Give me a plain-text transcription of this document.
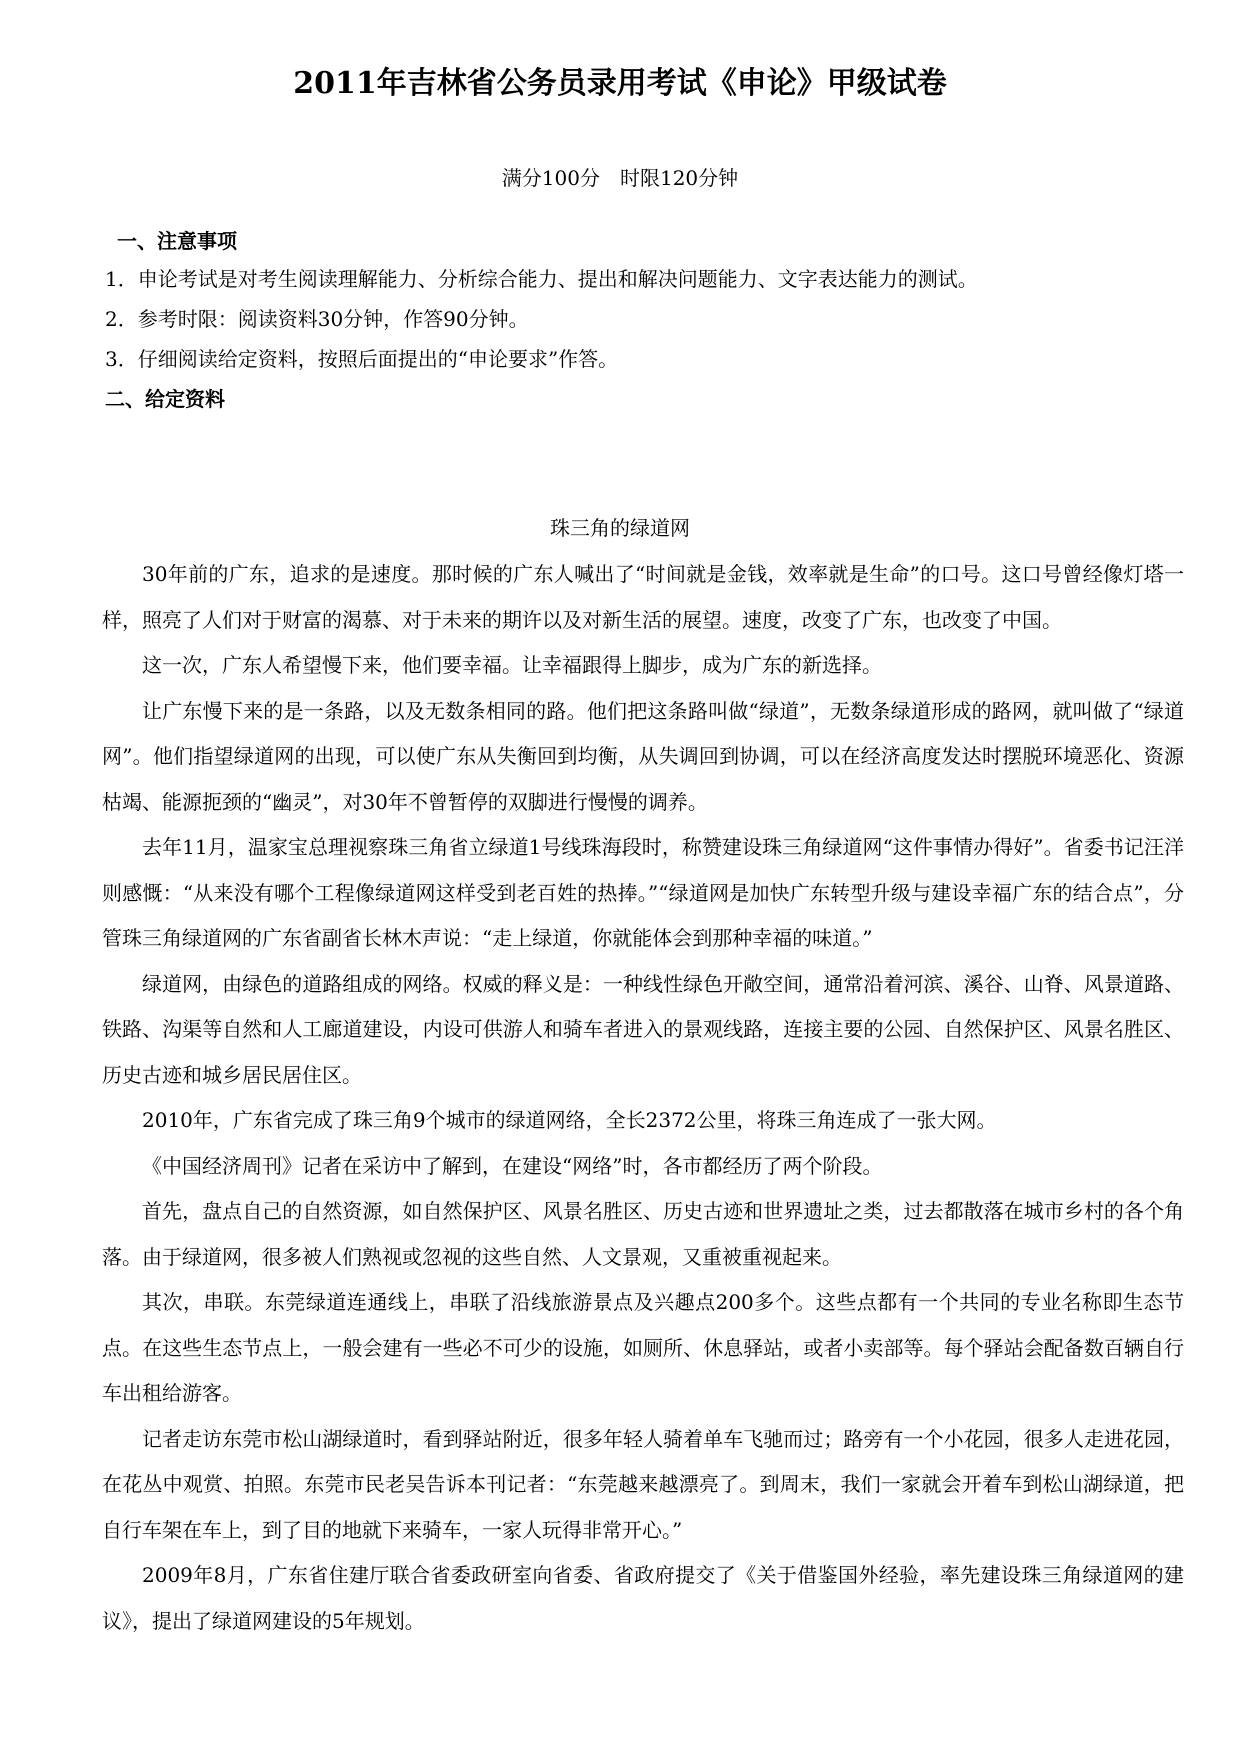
2011年吉林省公务员录用考试《申论》甲级试卷
满分100分　时限120分钟
一、注意事项
1．申论考试是对考生阅读理解能力、分析综合能力、提出和解决问题能力、文字表达能力的测试。
2．参考时限：阅读资料30分钟，作答90分钟。
3．仔细阅读给定资料，按照后面提出的“申论要求”作答。
二、给定资料
珠三角的绿道网

30年前的广东，追求的是速度。那时候的广东人喊出了“时间就是金钱，效率就是生命”的口号。这口号曾经像灯塔一样，照亮了人们对于财富的渴慕、对于未来的期许以及对新生活的展望。速度，改变了广东，也改变了中国。

这一次，广东人希望慢下来，他们要幸福。让幸福跟得上脚步，成为广东的新选择。

让广东慢下来的是一条路，以及无数条相同的路。他们把这条路叫做“绿道”，无数条绿道形成的路网，就叫做了“绿道网”。他们指望绿道网的出现，可以使广东从失衡回到均衡，从失调回到协调，可以在经济高度发达时摆脱环境恶化、资源枯竭、能源扼颈的“幽灵”，对30年不曾暂停的双脚进行慢慢的调养。

去年11月，温家宝总理视察珠三角省立绿道1号线珠海段时，称赞建设珠三角绿道网“这件事情办得好”。省委书记汪洋则感慨：“从来没有哪个工程像绿道网这样受到老百姓的热捧。”“绿道网是加快广东转型升级与建设幸福广东的结合点”，分管珠三角绿道网的广东省副省长林木声说：“走上绿道，你就能体会到那种幸福的味道。”

绿道网，由绿色的道路组成的网络。权威的释义是：一种线性绿色开敞空间，通常沿着河滨、溪谷、山脊、风景道路、铁路、沟渠等自然和人工廊道建设，内设可供游人和骑车者进入的景观线路，连接主要的公园、自然保护区、风景名胜区、历史古迹和城乡居民居住区。

2010年，广东省完成了珠三角9个城市的绿道网络，全长2372公里，将珠三角连成了一张大网。

《中国经济周刊》记者在采访中了解到，在建设“网络”时，各市都经历了两个阶段。

首先，盘点自己的自然资源，如自然保护区、风景名胜区、历史古迹和世界遗址之类，过去都散落在城市乡村的各个角落。由于绿道网，很多被人们熟视或忽视的这些自然、人文景观，又重被重视起来。

其次，串联。东莞绿道连通线上，串联了沿线旅游景点及兴趣点200多个。这些点都有一个共同的专业名称即生态节点。在这些生态节点上，一般会建有一些必不可少的设施，如厕所、休息驿站，或者小卖部等。每个驿站会配备数百辆自行车出租给游客。

记者走访东莞市松山湖绿道时，看到驿站附近，很多年轻人骑着单车飞驰而过；路旁有一个小花园，很多人走进花园，在花丛中观赏、拍照。东莞市民老吴告诉本刊记者：“东莞越来越漂亮了。到周末，我们一家就会开着车到松山湖绿道，把自行车架在车上，到了目的地就下来骑车，一家人玩得非常开心。”

2009年8月，广东省住建厅联合省委政研室向省委、省政府提交了《关于借鉴国外经验，率先建设珠三角绿道网的建议》，提出了绿道网建设的5年规划。
